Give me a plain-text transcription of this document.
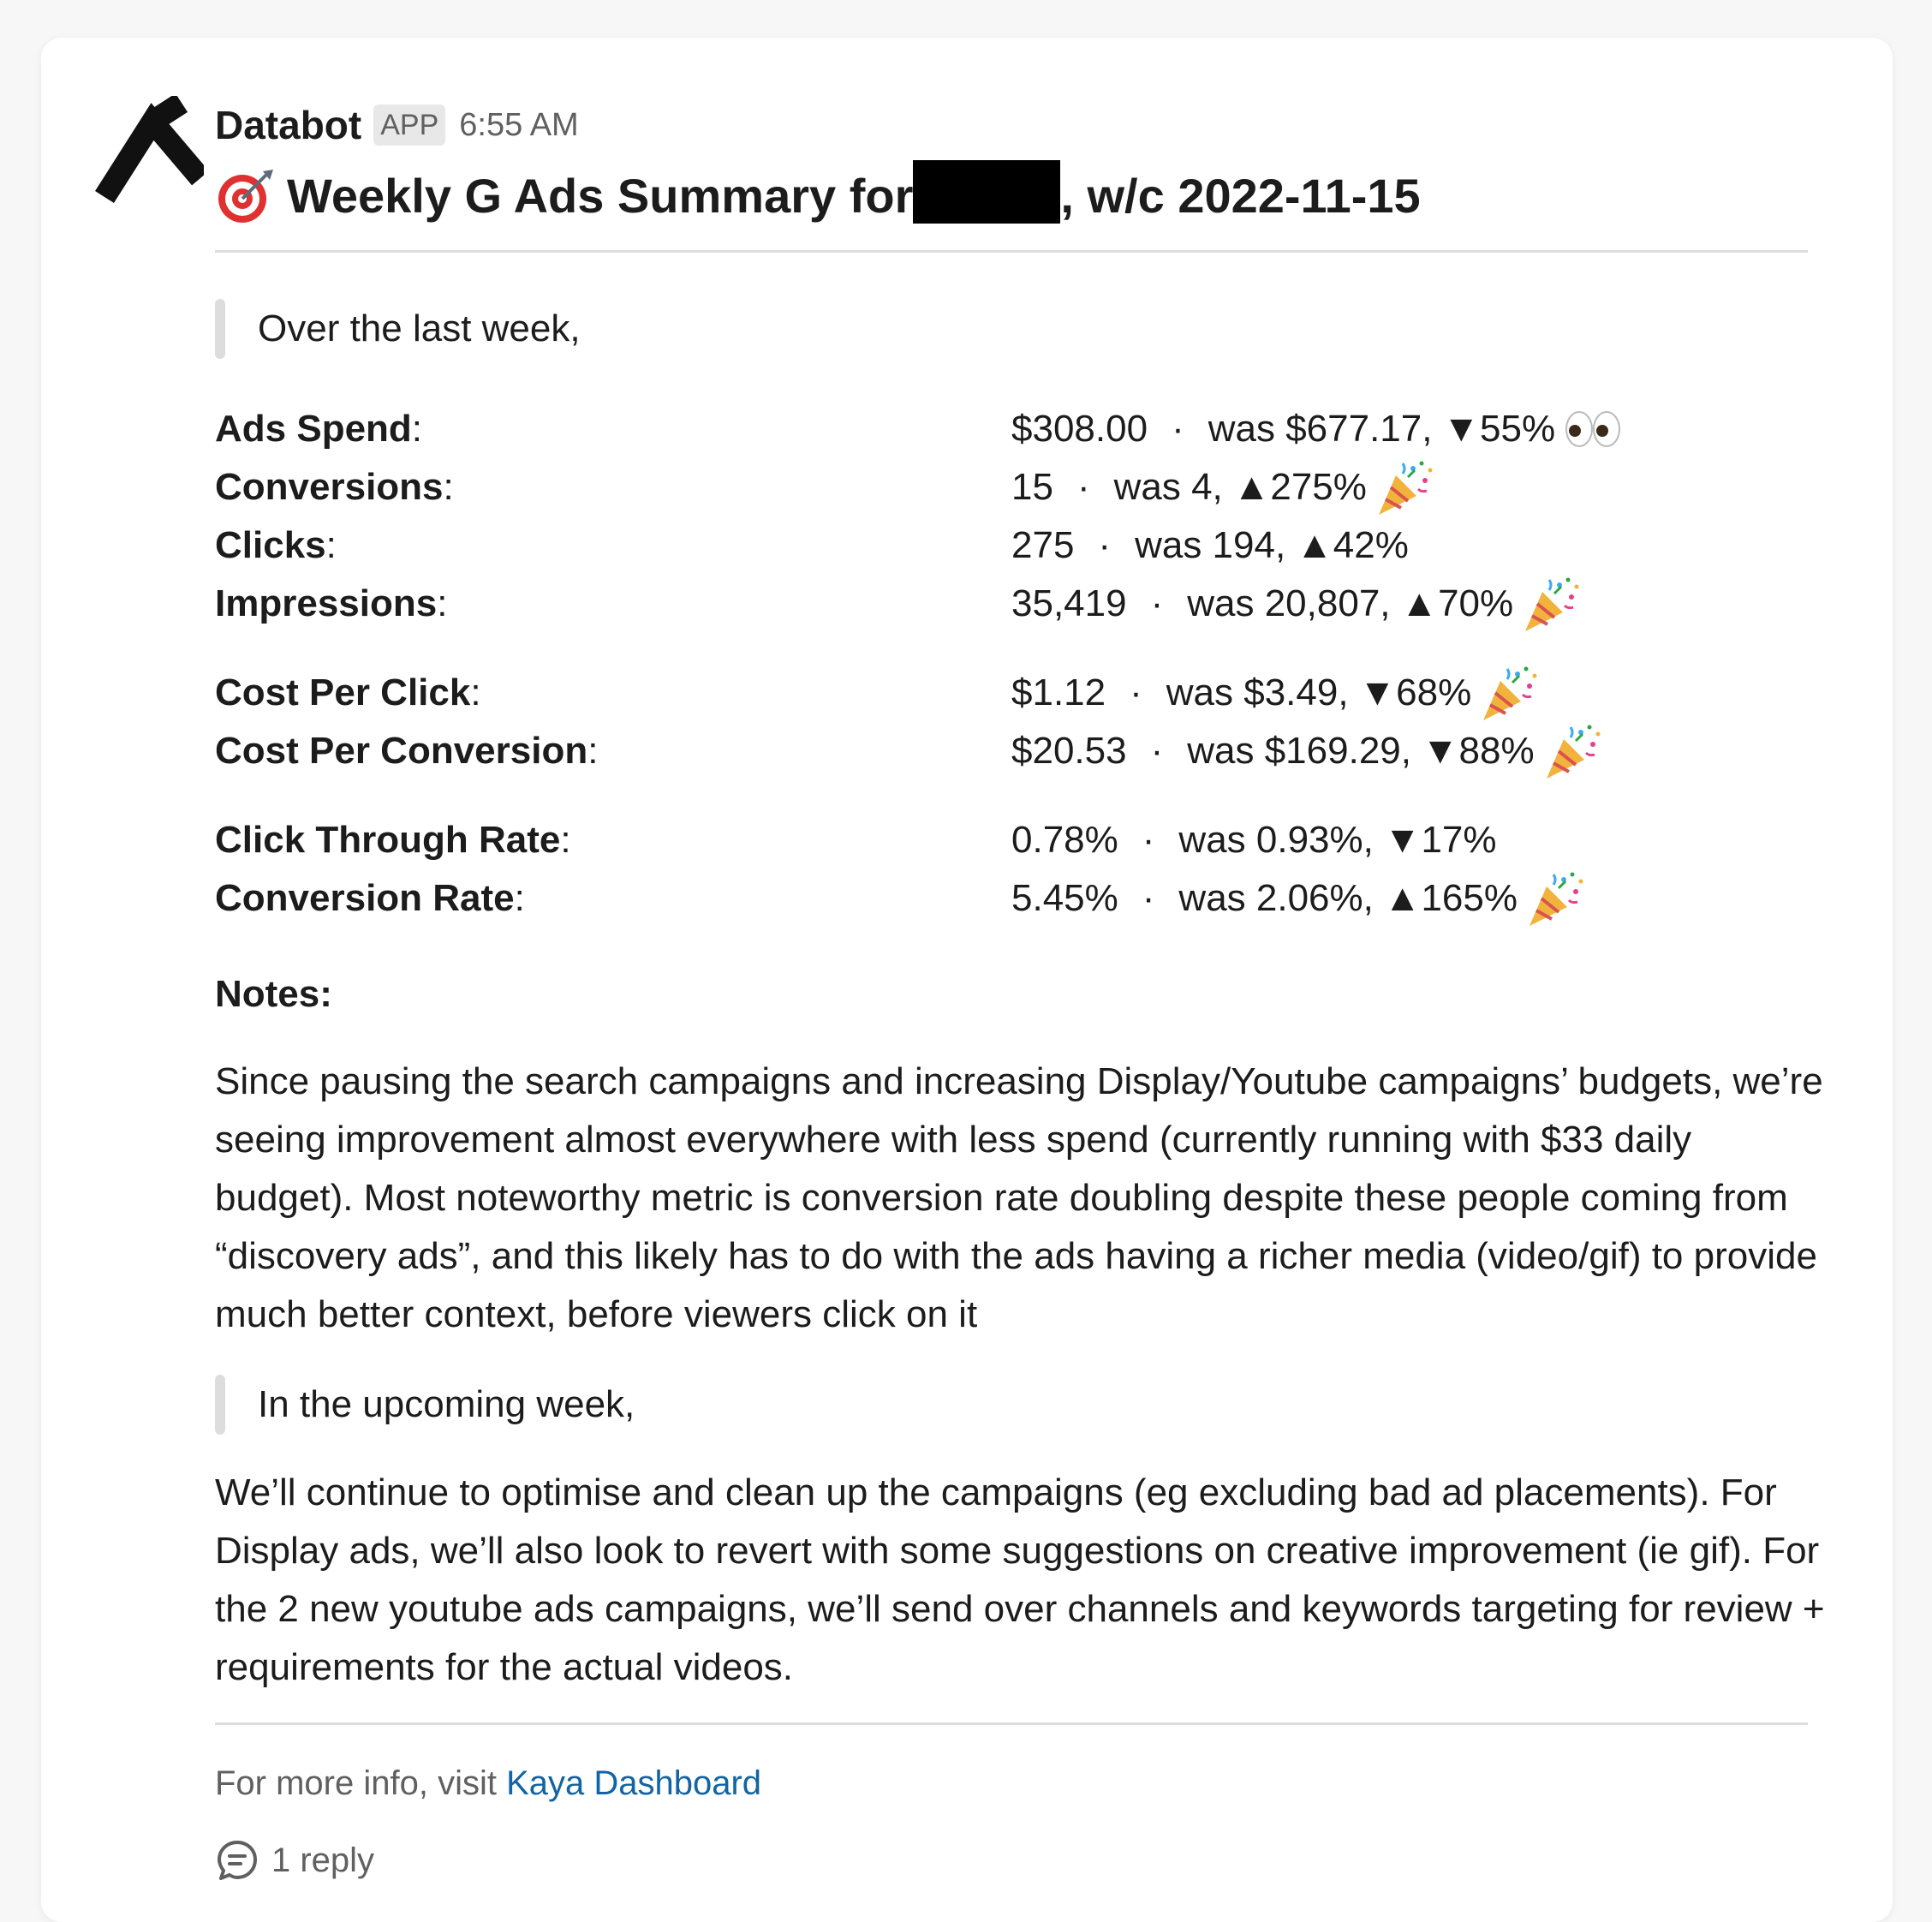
Databot APP 6:55 AM
Weekly G Ads Summary for	, w/c 2022-11-15
Over the last week,
Ads Spend:	$308.00 · was $677.17, ▼ 55%
Conversions:	15 · was 4, ▲ 275%
Clicks:	275 · was 194, ▲ 42%
Impressions:	35,419 · was 20,807, ▲ 70%
Cost Per Click:	$1.12 · was $3.49, ▼ 68%
Cost Per Conversion:	$20.53 · was $169.29, ▼ 88%
Click Through Rate:	0.78% · was 0.93%, ▼ 17%
Conversion Rate:	5.45% · was 2.06%, ▲ 165%
Notes:
Since pausing the search campaigns and increasing Display/Youtube campaigns’ budgets, we’re seeing improvement almost everywhere with less spend (currently running with $33 daily budget). Most noteworthy metric is conversion rate doubling despite these people coming from “discovery ads”, and this likely has to do with the ads having a richer media (video/gif) to provide much better context, before viewers click on it
In the upcoming week,
We’ll continue to optimise and clean up the campaigns (eg excluding bad ad placements). For Display ads, we’ll also look to revert with some suggestions on creative improvement (ie gif). For the 2 new youtube ads campaigns, we’ll send over channels and keywords targeting for review + requirements for the actual videos.
For more info, visit Kaya Dashboard
1 reply
